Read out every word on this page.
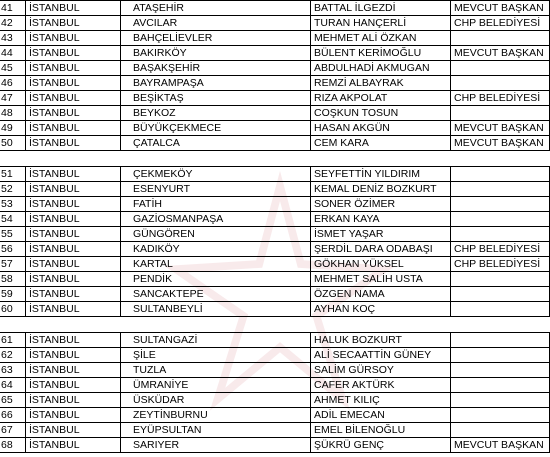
41	İSTANBUL	ATAŞEHİR	BATTAL İLGEZDİ	MEVCUT BAŞKAN
42	İSTANBUL	AVCILAR	TURAN HANÇERLİ	CHP BELEDİYESİ
43	İSTANBUL	BAHÇELİEVLER	MEHMET ALİ ÖZKAN
44	İSTANBUL	BAKIRKÖY	BÜLENT KERİMOĞLU	MEVCUT BAŞKAN
45	İSTANBUL	BAŞAKŞEHİR	ABDULHADİ AKMUGAN
46	İSTANBUL	BAYRAMPAŞA	REMZİ ALBAYRAK
47	İSTANBUL	BEŞİKTAŞ	RIZA AKPOLAT	CHP BELEDİYESİ
48	İSTANBUL	BEYKOZ	COŞKUN TOSUN
49	İSTANBUL	BÜYÜKÇEKMECE	HASAN AKGÜN	MEVCUT BAŞKAN
50	İSTANBUL	ÇATALCA	CEM KARA	MEVCUT BAŞKAN
51	İSTANBUL	ÇEKMEKÖY	SEYFETTİN YILDIRIM
52	İSTANBUL	ESENYURT	KEMAL DENİZ BOZKURT
53	İSTANBUL	FATİH	SONER ÖZİMER
54	İSTANBUL	GAZİOSMANPAŞA	ERKAN KAYA
55	İSTANBUL	GÜNGÖREN	İSMET YAŞAR
56	İSTANBUL	KADIKÖY	ŞERDİL DARA ODABAŞI	CHP BELEDİYESİ
57	İSTANBUL	KARTAL	GÖKHAN YÜKSEL	CHP BELEDİYESİ
58	İSTANBUL	PENDİK	MEHMET SALİH USTA
59	İSTANBUL	SANCAKTEPE	ÖZGEN NAMA
60	İSTANBUL	SULTANBEYLİ	AYHAN KOÇ
61	İSTANBUL	SULTANGAZİ	HALUK BOZKURT
62	İSTANBUL	ŞİLE	ALİ SECAATTİN GÜNEY
63	İSTANBUL	TUZLA	SALİM GÜRSOY
64	İSTANBUL	ÜMRANİYE	CAFER AKTÜRK
65	İSTANBUL	ÜSKÜDAR	AHMET KILIÇ
66	İSTANBUL	ZEYTİNBURNU	ADİL EMECAN
67	İSTANBUL	EYÜPSULTAN	EMEL BİLENOĞLU
68	İSTANBUL	SARIYER	ŞÜKRÜ GENÇ	MEVCUT BAŞKAN
